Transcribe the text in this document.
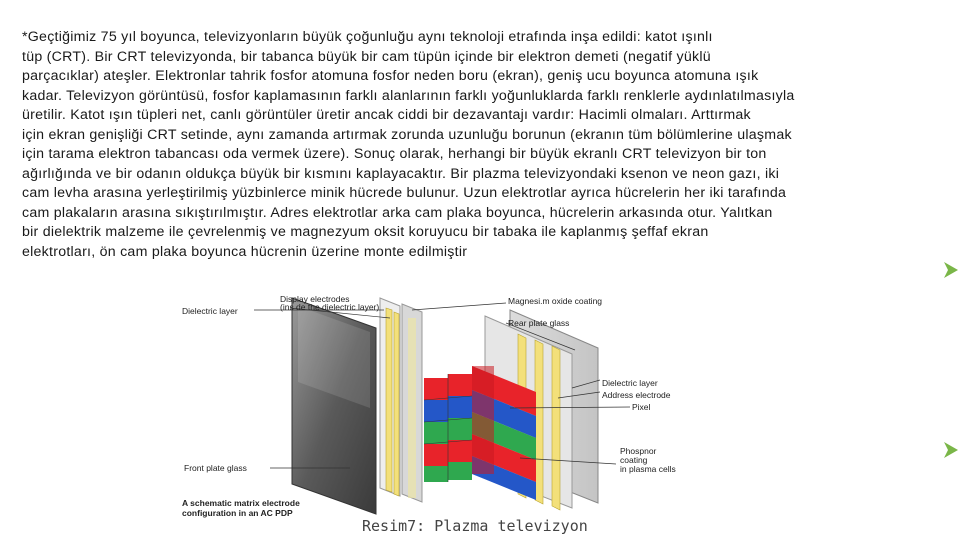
*Geçtiğimiz 75 yıl boyunca, televizyonların büyük çoğunluğu aynı teknoloji etrafında inşa edildi: katot ışınlı
tüp (CRT). Bir CRT televizyonda, bir tabanca büyük bir cam tüpün içinde bir elektron demeti (negatif yüklü
parçacıklar) ateşler. Elektronlar tahrik fosfor atomuna fosfor neden boru (ekran), geniş ucu boyunca atomuna ışık
kadar. Televizyon görüntüsü, fosfor kaplamasının farklı alanlarının farklı yoğunluklarda farklı renklerle aydınlatılmasıyla
üretilir. Katot ışın tüpleri net, canlı görüntüler üretir ancak ciddi bir dezavantajı vardır: Hacimli olmaları. Arttırmak
için ekran genişliği CRT setinde, aynı zamanda artırmak zorunda uzunluğu borunun (ekranın tüm bölümlerine ulaşmak
için tarama elektron tabancası oda vermek üzere). Sonuç olarak, herhangi bir büyük ekranlı CRT televizyon bir ton
ağırlığında ve bir odanın oldukça büyük bir kısmını kaplayacaktır. Bir plazma televizyondaki ksenon ve neon gazı, iki
cam levha arasına yerleştirilmiş yüzbinlerce minik hücrede bulunur. Uzun elektrotlar ayrıca hücrelerin her iki tarafında
cam plakaların arasına sıkıştırılmıştır. Adres elektrotlar arka cam plaka boyunca, hücrelerin arkasında otur. Yalıtkan
bir dielektrik malzeme ile çevrelenmiş ve magnezyum oksit koruyucu bir tabaka ile kaplanmış şeffaf ekran
elektrotları, ön cam plaka boyunca hücrenin üzerine monte edilmiştir

Dielectric layer
Display electrodes
(ins de the dielectric layer)
Magnesi.m oxide coating
Rear plate glass
Dielectric layer
Address electrode
Pixel
Phospnor
coating
in plasma cells
Front plate glass
A schematic matrix electrode
configuration in an AC PDP

Resim7: Plazma televizyon
